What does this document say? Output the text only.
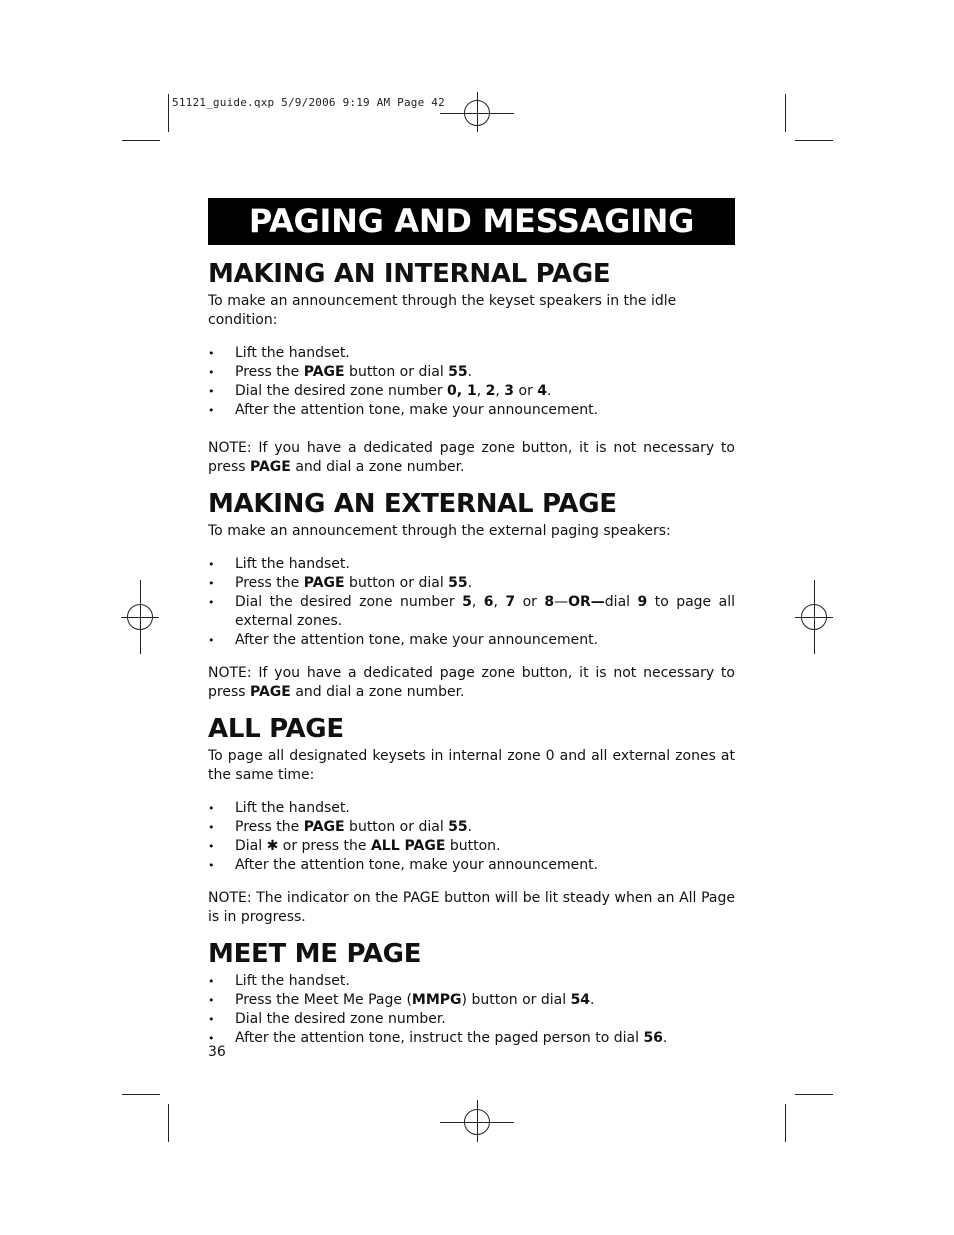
51121_guide.qxp 5/9/2006 9:19 AM Page 42
PAGING AND MESSAGING
MAKING AN INTERNAL PAGE

To make an announcement through the keyset speakers in the idle condition:

• Lift the handset.
• Press the PAGE button or dial 55.
• Dial the desired zone number 0, 1, 2, 3 or 4.
• After the attention tone, make your announcement.

NOTE: If you have a dedicated page zone button, it is not necessary to press PAGE and dial a zone number.

MAKING AN EXTERNAL PAGE

To make an announcement through the external paging speakers:

• Lift the handset.
• Press the PAGE button or dial 55.
• Dial the desired zone number 5, 6, 7 or 8—OR—dial 9 to page all external zones.
• After the attention tone, make your announcement.

NOTE: If you have a dedicated page zone button, it is not necessary to press PAGE and dial a zone number.

ALL PAGE

To page all designated keysets in internal zone 0 and all external zones at the same time:

• Lift the handset.
• Press the PAGE button or dial 55.
• Dial ✱ or press the ALL PAGE button.
• After the attention tone, make your announcement.

NOTE: The indicator on the PAGE button will be lit steady when an All Page is in progress.

MEET ME PAGE
• Lift the handset.
• Press the Meet Me Page (MMPG) button or dial 54.
• Dial the desired zone number.
• After the attention tone, instruct the paged person to dial 56.
36
